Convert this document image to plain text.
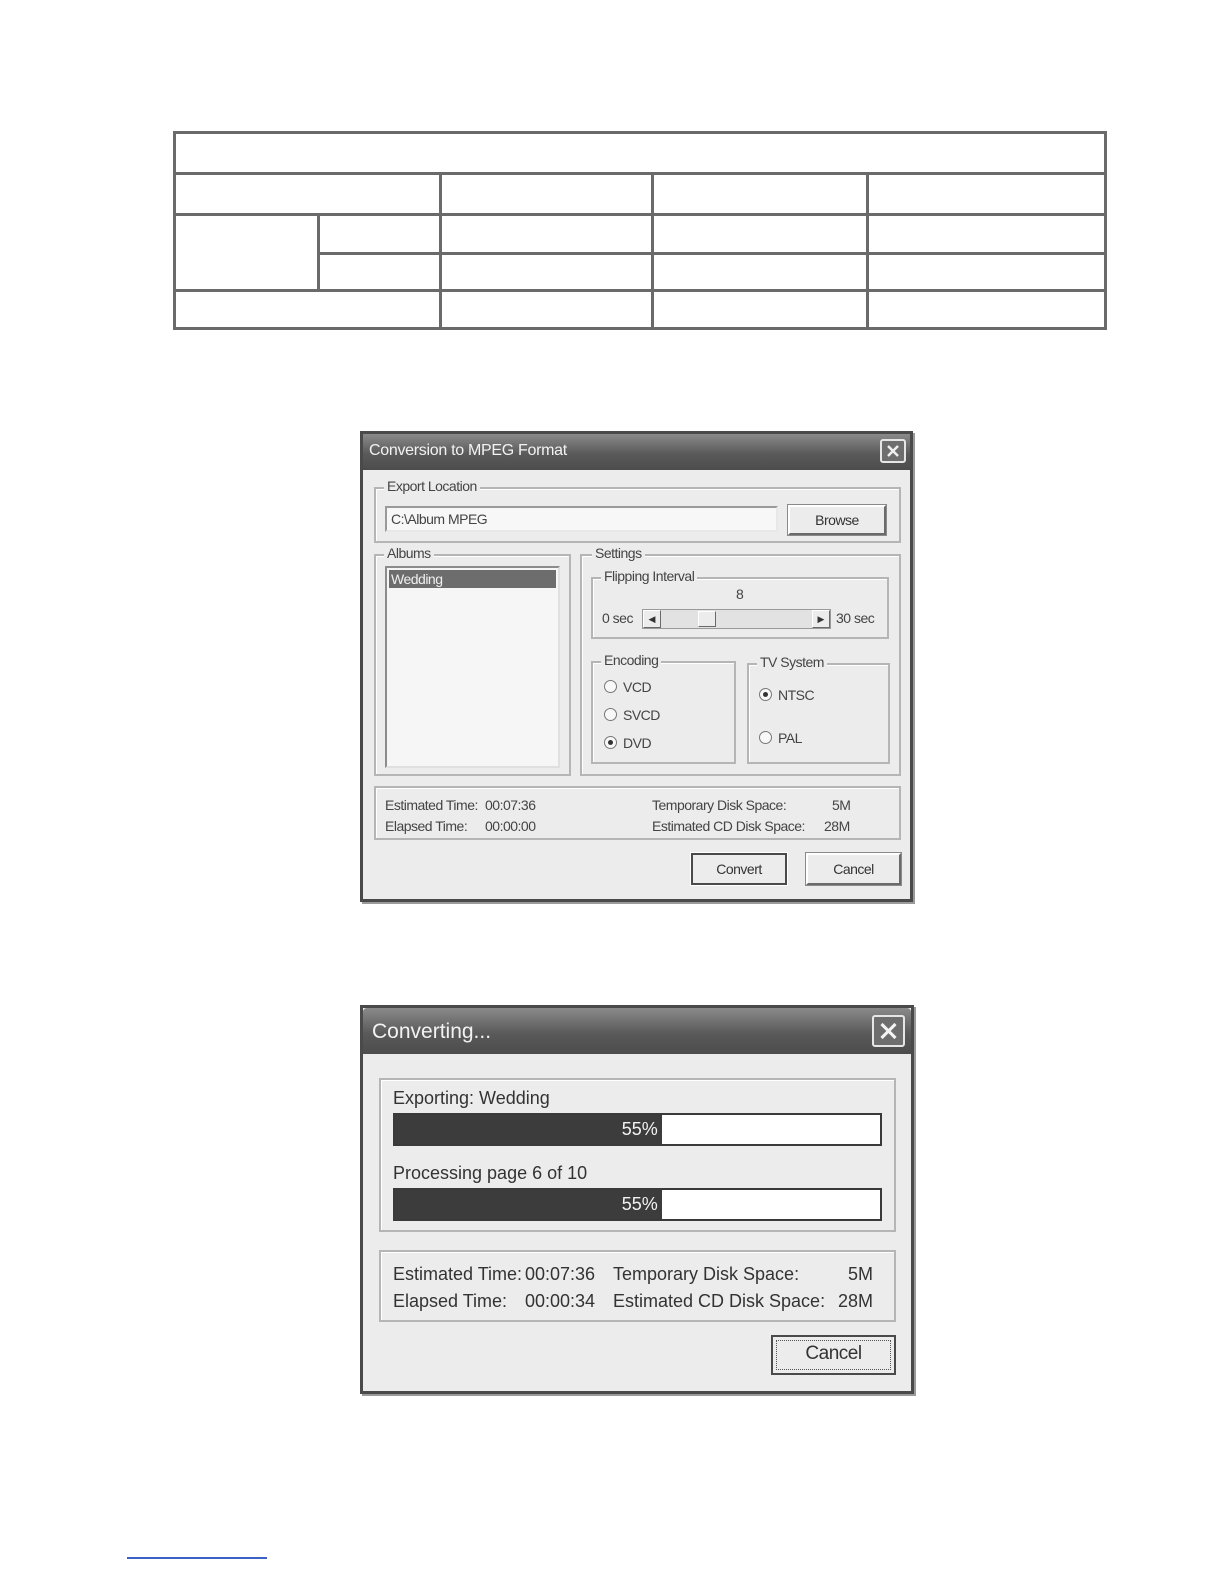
Conversion to MPEG Format
Export Location
C:\Album MPEG	Browse
Albums
Wedding
Settings
Flipping Interval
8
0 sec	◀	▶ 30 sec
Encoding
VCD
SVCD
DVD
TV System
NTSC
PAL
Estimated Time: 00:07:36
Elapsed Time: 00:00:00
Temporary Disk Space:	5M
Estimated CD Disk Space: 28M
Convert	Cancel
Converting...
Exporting: Wedding
55%
Processing page 6 of 10
55%
Estimated Time: 00:07:36
Elapsed Time: 00:00:34
Temporary Disk Space:	5M
Estimated CD Disk Space: 28M
Cancel
